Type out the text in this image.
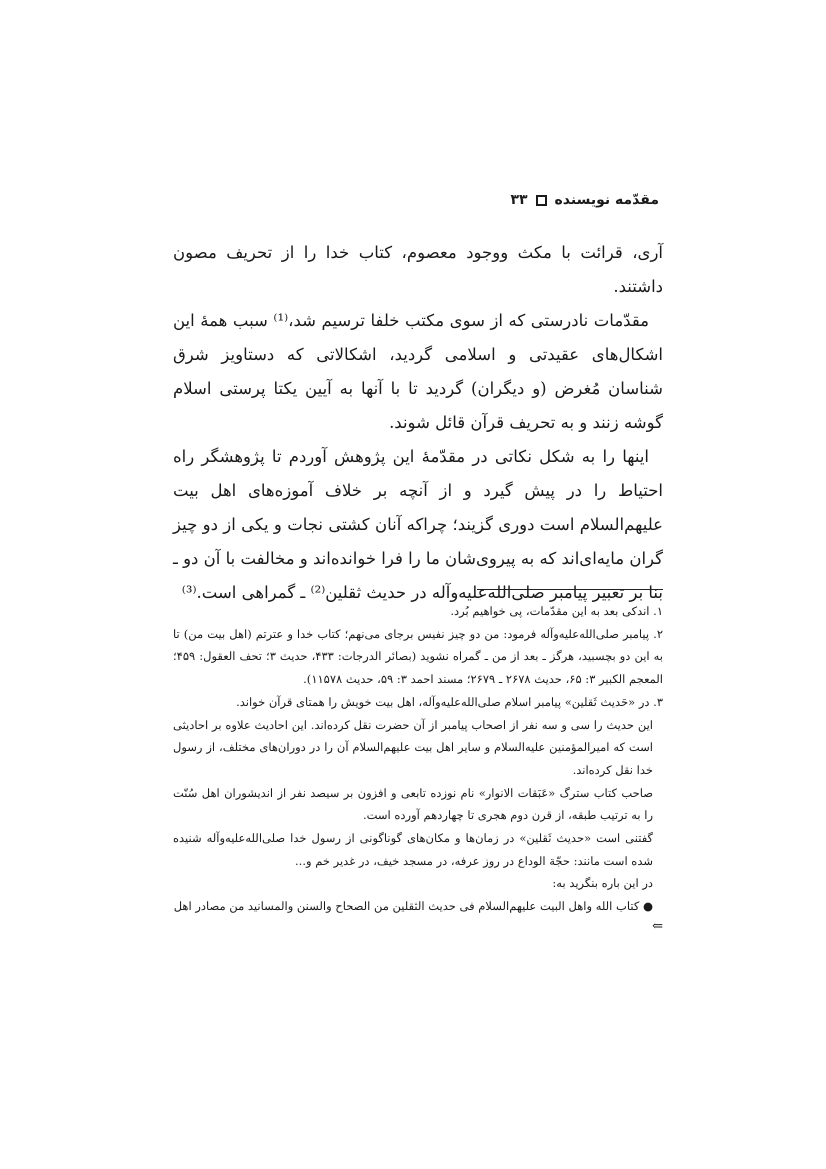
مقدّمه نویسنده
۳۳

آری، قرائت با مکث ووجود معصوم، کتاب خدا را از تحریف مصون داشتند.

مقدّمات نادرستی که از سوی مکتب خلفا ترسیم شد،⁽¹⁾ سبب همهٔ این اشکال‌های عقیدتی و اسلامی گردید، اشکالاتی که دستاویز شرق شناسان مُغرض (و دیگران) گردید تا با آنها به آیین یکتا پرستی اسلام گوشه زنند و به تحریف قرآن قائل شوند.

اینها را به شکل نکاتی در مقدّمهٔ این پژوهش آوردم تا پژوهشگر راه احتیاط را در پیش گیرد و از آنچه بر خلاف آموزه‌های اهل بیت علیهم‌السلام است دوری گزیند؛ چراکه آنان کشتی نجات و یکی از دو چیز گران مایه‌ای‌اند که به پیروی‌شان ما را فرا خوانده‌اند و مخالفت با آن دو ـ بنا بر تعبیر پیامبر صلی‌الله‌علیه‌وآله در حدیث ثقلین⁽²⁾ ـ گمراهی است.⁽³⁾

۱. اندکی بعد به این مقدّمات، پی خواهیم بُرد.

۲. پیامبر صلی‌الله‌علیه‌وآله فرمود: من دو چیز نفیس برجای می‌نهم؛ کتاب خدا و عترتم (اهل بیت من) تا به این دو بچسبید، هرگز ـ بعد از من ـ گمراه نشوید (بصائر الدرجات: ۴۳۳، حدیث ۳؛ تحف العقول: ۴۵۹؛ المعجم الکبیر ۳: ۶۵، حدیث ۲۶۷۸ ـ ۲۶۷۹؛ مسند احمد ۳: ۵۹، حدیث ۱۱۵۷۸).

۳. در «حَدیث ثَقلین» پیامبر اسلام صلی‌الله‌علیه‌وآله، اهل بیت خویش را همتای قرآن خواند.

این حدیث را سی و سه نفر از اصحاب پیامبر از آن حضرت نقل کرده‌اند. این احادیث علاوه بر احادیثی است که امیرالمؤمنین علیه‌السلام و سایر اهل بیت علیهم‌السلام آن را در دوران‌های مختلف، از رسول خدا نقل کرده‌اند.

صاحب کتاب سترگ «عَبَقات الانوار» نام نوزده تابعی و افزون بر سیصد نفر از اندیشوران اهل سُنّت را به ترتیب طبقه، از قرن دوم هجری تا چهاردهم آورده است.

گفتنی است «حدیث ثَقلین» در زمان‌ها و مکان‌های گوناگونی از رسول خدا صلی‌الله‌علیه‌وآله شنیده شده است مانند: حجّة الوداع در روز عرفه، در مسجد خیف، در غدیر خم و...

در این باره بنگرید به:

● کتاب الله واهل البیت علیهم‌السلام فی حدیث الثقلین من الصحاح والسنن والمسانید من مصادر اهل

⇐
